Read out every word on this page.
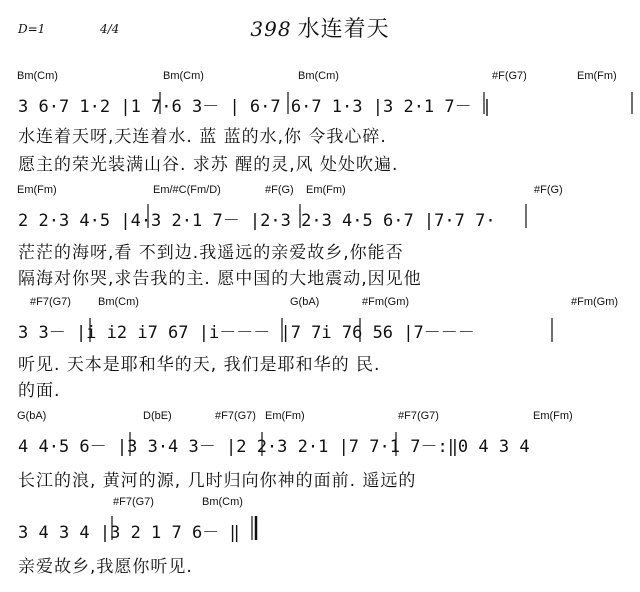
D=1	4/4	398 水连着天
Bm(Cm)	Bm(Cm)	Bm(Cm)	#F(G7)	Em(Fm)
3 6·7 1·2 |1 7·6 3－ | 6·7 6·7 1·3 |3 2·1 7－ |
水连着天呀,天连着水. 蓝 蓝的水,你 令我心碎.
愿主的荣光装满山谷. 求苏 醒的灵,风 处处吹遍.
Em(Fm)	Em/#C(Fm/D)	#F(G) Em(Fm)	#F(G)
2 2·3 4·5 |4·3 2·1 7－ |2·3 2·3 4·5 6·7 |7·7 7·
茫茫的海呀,看 不到边.我遥远的亲爱故乡,你能否
隔海对你哭,求告我的主. 愿中国的大地震动,因见他
#F7(G7) Bm(Cm)	G(bA)	#Fm(Gm)	#Fm(Gm)
3 3－ |i i2 i7 67 |i－－－ |7 7i 76 56 |7－－－
听见. 天本是耶和华的天, 我们是耶和华的 民.
的面.
G(bA)	D(bE)	#F7(G7) Em(Fm)	#F7(G7)	Em(Fm)
4 4·5 6－ |3 3·4 3－ |2 2·3 2·1 |7 7·1 7－:‖0 4 3 4
长江的浪, 黄河的源, 几时归向你神的面前. 遥远的
#F7(G7)	Bm(Cm)
3 4 3 4 |3 2 1 7 6－ ‖
亲爱故乡,我愿你听见.
